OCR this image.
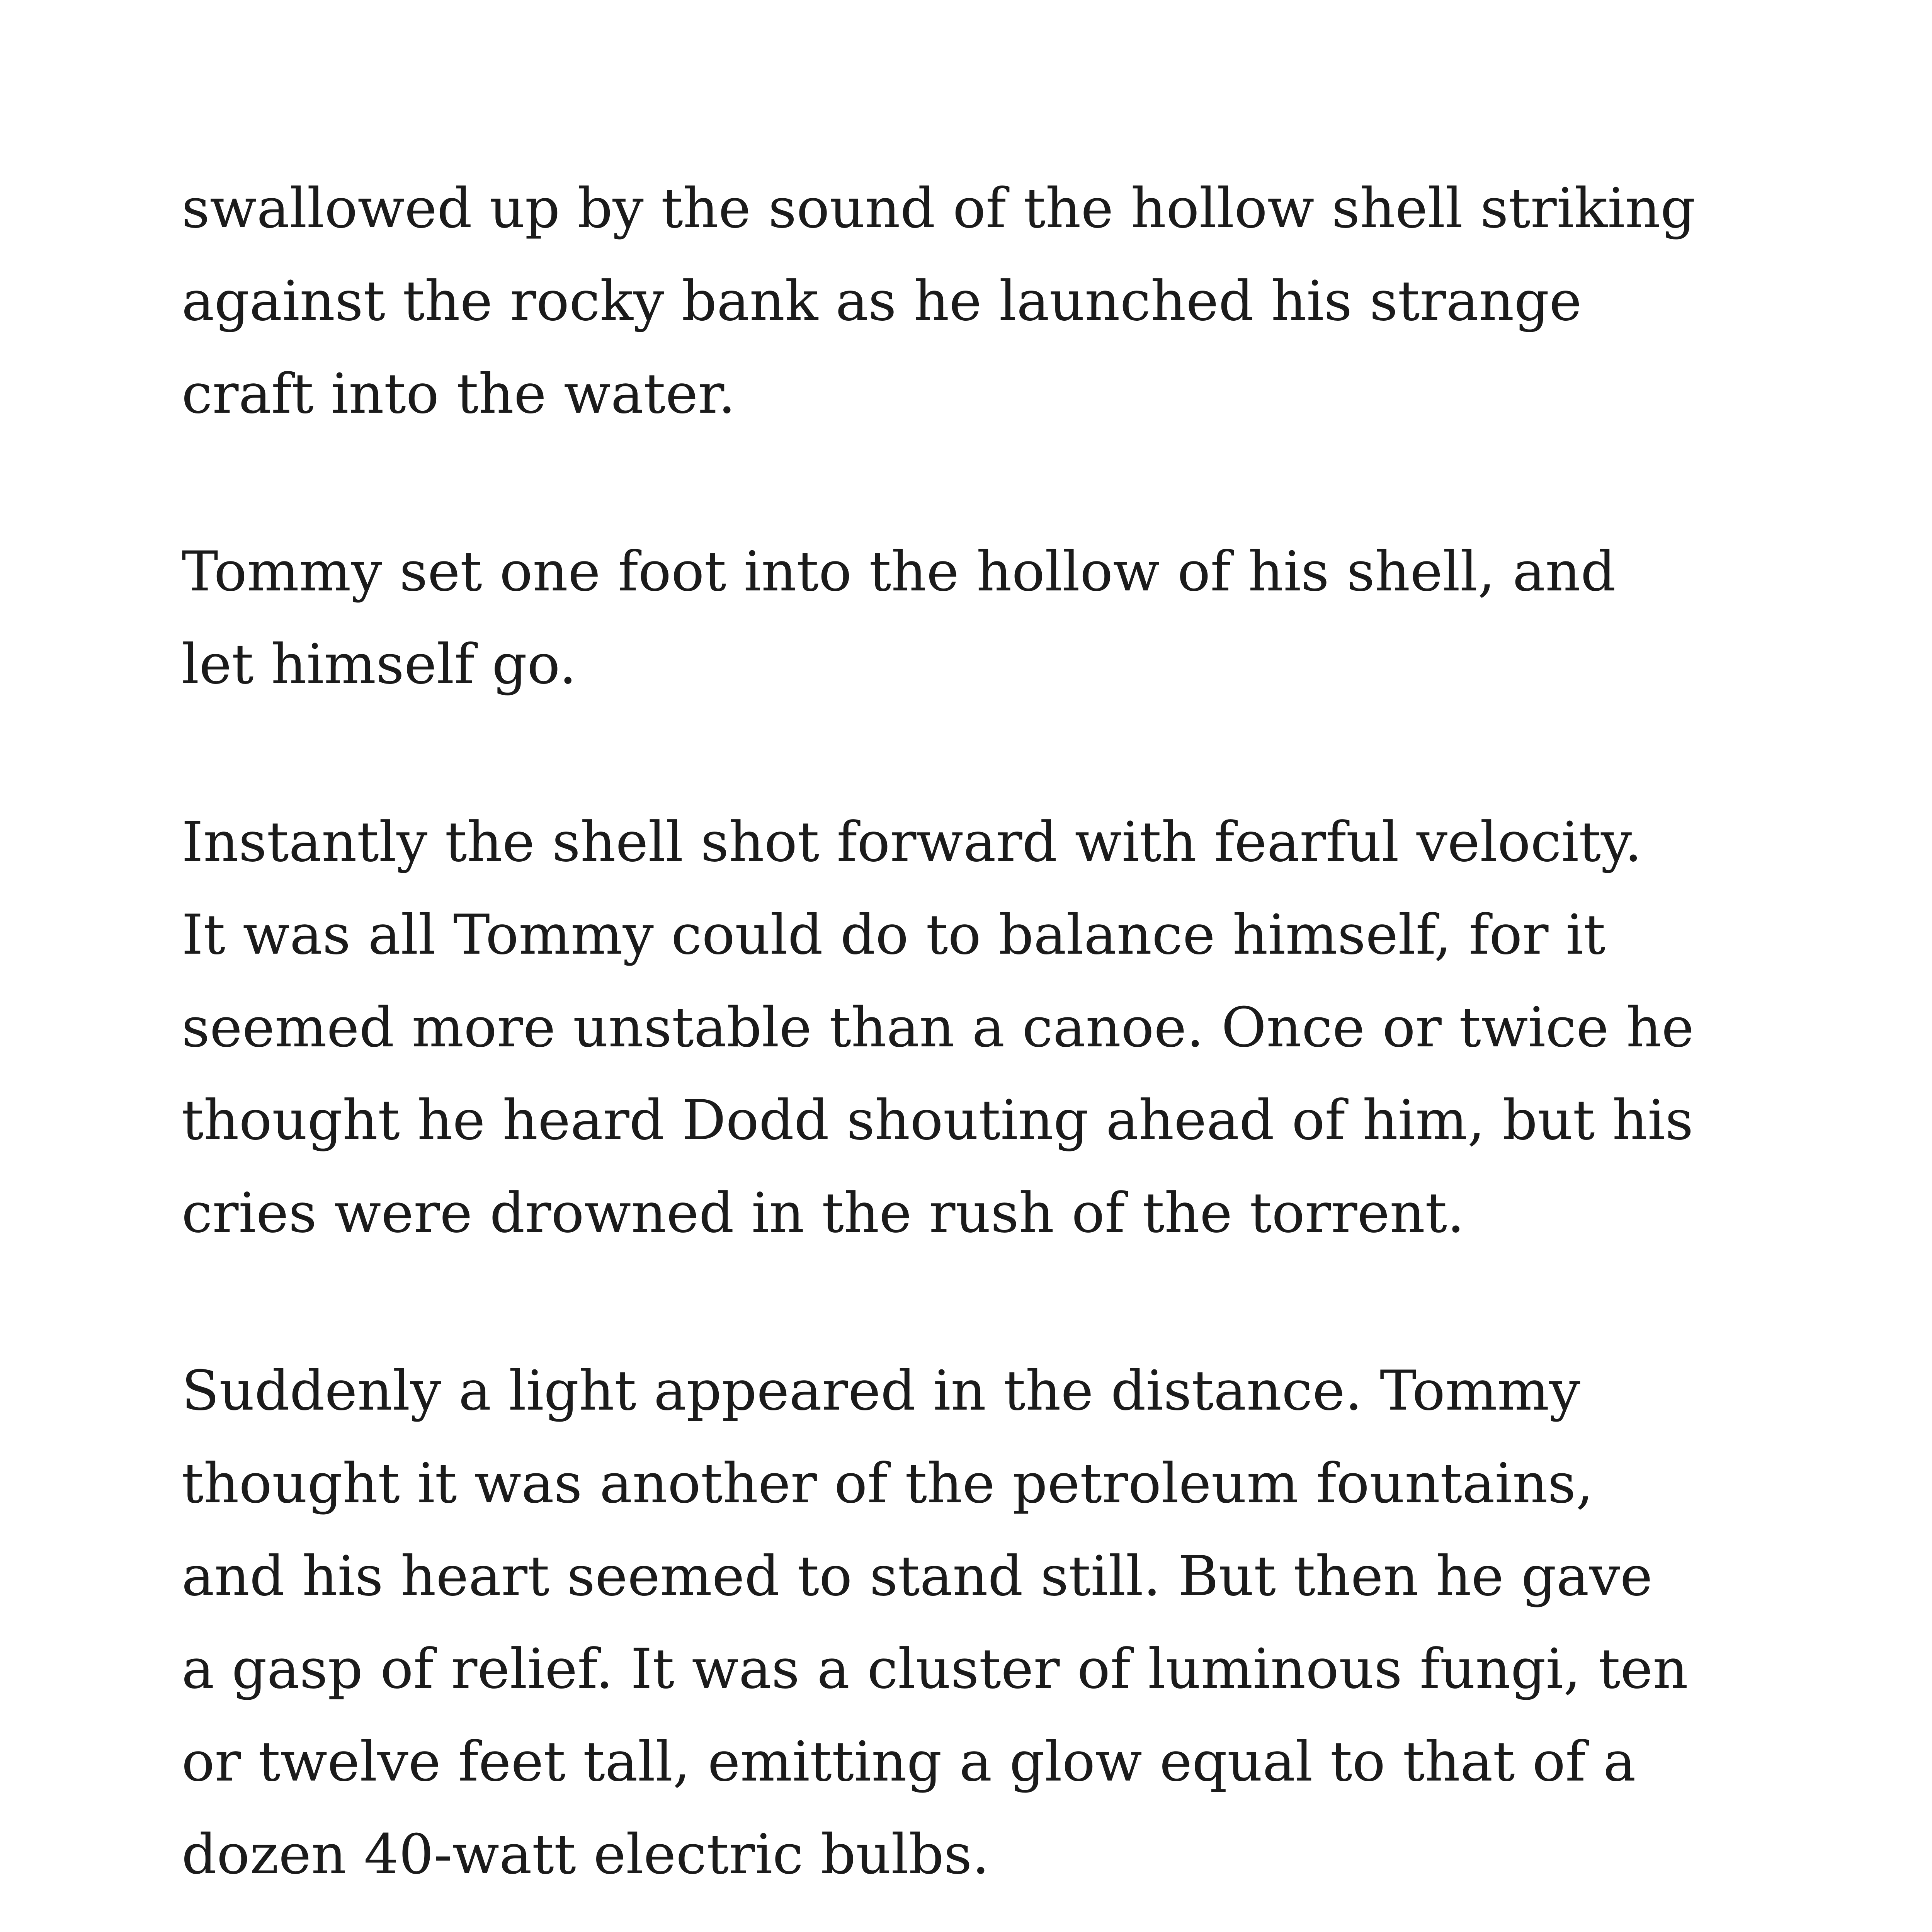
swallowed up by the sound of the hollow shell striking
against the rocky bank as he launched his strange
craft into the water.

Tommy set one foot into the hollow of his shell, and
let himself go.

Instantly the shell shot forward with fearful velocity.
It was all Tommy could do to balance himself, for it
seemed more unstable than a canoe. Once or twice he
thought he heard Dodd shouting ahead of him, but his
cries were drowned in the rush of the torrent.

Suddenly a light appeared in the distance. Tommy
thought it was another of the petroleum fountains,
and his heart seemed to stand still. But then he gave
a gasp of relief. It was a cluster of luminous fungi, ten
or twelve feet tall, emitting a glow equal to that of a
dozen 40-watt electric bulbs.
